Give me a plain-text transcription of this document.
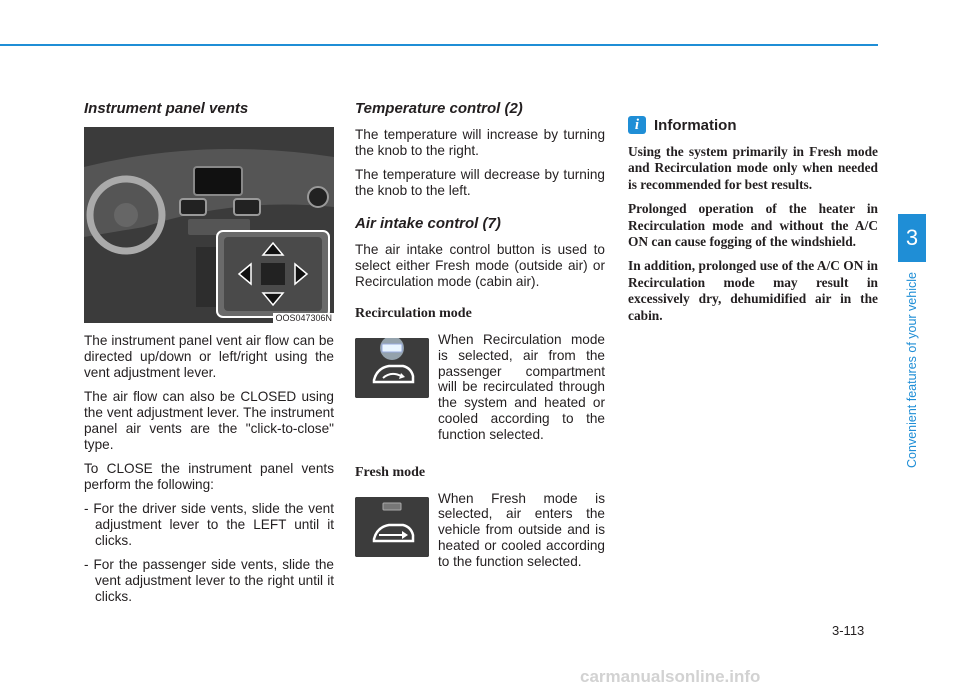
Instrument panel vents
OOS047306N

The instrument panel vent air flow can be directed up/down or left/right using the vent adjustment lever.

The air flow can also be CLOSED using the vent adjustment lever. The instrument panel air vents are the "click-to-close" type.

To CLOSE the instrument panel vents perform the following:

- For the driver side vents, slide the vent adjustment lever to the LEFT until it clicks.
- For the passenger side vents, slide the vent adjustment lever to the right until it clicks.
Temperature control (2)

The temperature will increase by turning the knob to the right.

The temperature will decrease by turning the knob to the left.

Air intake control (7)

The air intake control button is used to select either Fresh mode (outside air) or Recirculation mode (cabin air).

Recirculation mode
When Recirculation mode is selected, air from the passenger compartment will be recirculated through the system and heated or cooled according to the function selected.
Fresh mode
When Fresh mode is selected, air enters the vehicle from outside and is heated or cooled according to the function selected.
i Information

Using the system primarily in Fresh mode and Recirculation mode only when needed is recommended for best results.

Prolonged operation of the heater in Recirculation mode and without the A/C ON can cause fogging of the windshield.

In addition, prolonged use of the A/C ON in Recirculation mode may result in excessively dry, dehumidified air in the cabin.

3
Convenient features of your vehicle
3-113
carmanualsonline.info
